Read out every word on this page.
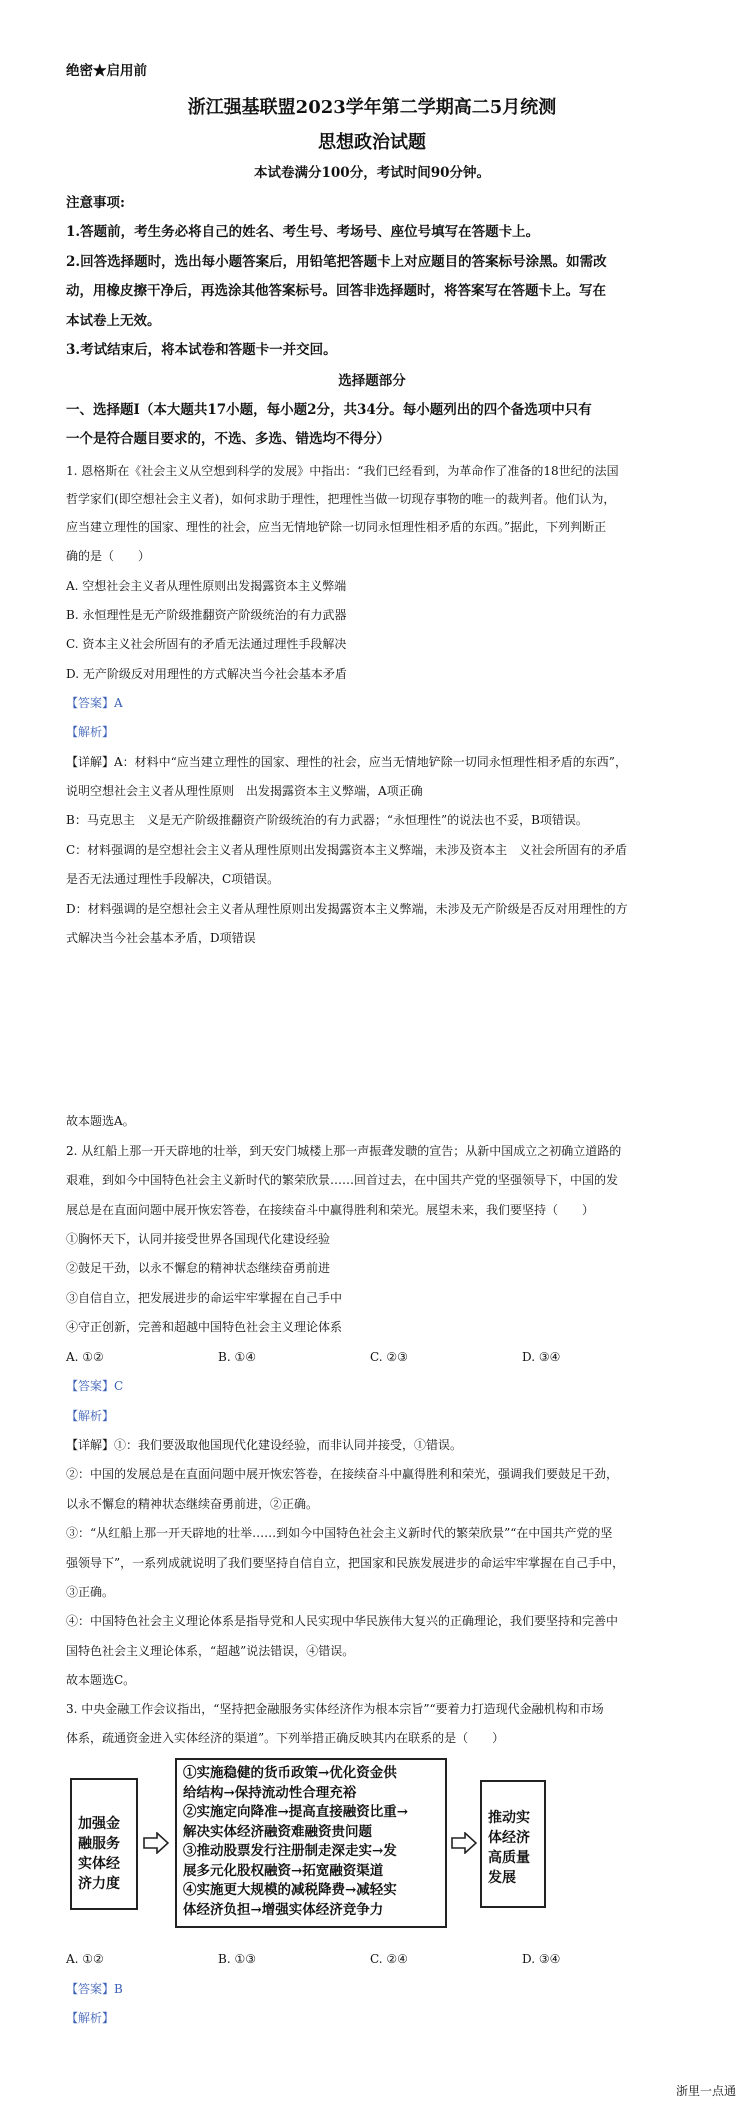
绝密★启用前
浙江强基联盟2023学年第二学期高二5月统测
思想政治试题
本试卷满分100分，考试时间90分钟。
注意事项:
1.答题前，考生务必将自己的姓名、考生号、考场号、座位号填写在答题卡上。
2.回答选择题时，选出每小题答案后，用铅笔把答题卡上对应题目的答案标号涂黑。如需改
动，用橡皮擦干净后，再选涂其他答案标号。回答非选择题时，将答案写在答题卡上。写在
本试卷上无效。
3.考试结束后，将本试卷和答题卡一并交回。
选择题部分
一、选择题Ⅰ（本大题共17小题，每小题2分，共34分。每小题列出的四个备选项中只有
一个是符合题目要求的，不选、多选、错选均不得分）
1. 恩格斯在《社会主义从空想到科学的发展》中指出：“我们已经看到，为革命作了准备的18世纪的法国
哲学家们(即空想社会主义者)，如何求助于理性，把理性当做一切现存事物的唯一的裁判者。他们认为，
应当建立理性的国家、理性的社会，应当无情地铲除一切同永恒理性相矛盾的东西。”据此，下列判断正
确的是（　　）
A. 空想社会主义者从理性原则出发揭露资本主义弊端
B. 永恒理性是无产阶级推翻资产阶级统治的有力武器
C. 资本主义社会所固有的矛盾无法通过理性手段解决
D. 无产阶级反对用理性的方式解决当今社会基本矛盾
【答案】A
【解析】
【详解】A：材料中“应当建立理性的国家、理性的社会，应当无情地铲除一切同永恒理性相矛盾的东西”，
说明空想社会主义者从理性原则　出发揭露资本主义弊端，A项正确
B：马克思主　义是无产阶级推翻资产阶级统治的有力武器；“永恒理性”的说法也不妥，B项错误。
C：材料强调的是空想社会主义者从理性原则出发揭露资本主义弊端，未涉及资本主　义社会所固有的矛盾
是否无法通过理性手段解决，C项错误。
D：材料强调的是空想社会主义者从理性原则出发揭露资本主义弊端，未涉及无产阶级是否反对用理性的方
式解决当今社会基本矛盾，D项错误
故本题选A。
2. 从红船上那一开天辟地的壮举，到天安门城楼上那一声振聋发聩的宣告；从新中国成立之初确立道路的
艰难，到如今中国特色社会主义新时代的繁荣欣景……回首过去，在中国共产党的坚强领导下，中国的发
展总是在直面问题中展开恢宏答卷，在接续奋斗中赢得胜利和荣光。展望未来，我们要坚持（　　）
①胸怀天下，认同并接受世界各国现代化建设经验
②鼓足干劲，以永不懈怠的精神状态继续奋勇前进
③自信自立，把发展进步的命运牢牢掌握在自己手中
④守正创新，完善和超越中国特色社会主义理论体系
A. ①②	B. ①④	C. ②③	D. ③④
【答案】C
【解析】
【详解】①：我们要汲取他国现代化建设经验，而非认同并接受，①错误。
②：中国的发展总是在直面问题中展开恢宏答卷，在接续奋斗中赢得胜利和荣光，强调我们要鼓足干劲，
以永不懈怠的精神状态继续奋勇前进，②正确。
③：“从红船上那一开天辟地的壮举……到如今中国特色社会主义新时代的繁荣欣景”“在中国共产党的坚
强领导下”，一系列成就说明了我们要坚持自信自立，把国家和民族发展进步的命运牢牢掌握在自己手中，
③正确。
④：中国特色社会主义理论体系是指导党和人民实现中华民族伟大复兴的正确理论，我们要坚持和完善中
国特色社会主义理论体系，“超越”说法错误，④错误。
故本题选C。
3. 中央金融工作会议指出，“坚持把金融服务实体经济作为根本宗旨”“要着力打造现代金融机构和市场
体系，疏通资金进入实体经济的渠道”。下列举措正确反映其内在联系的是（　　）
加强金融服务实体经济力度
①实施稳健的货币政策→优化资金供
给结构→保持流动性合理充裕
②实施定向降准→提高直接融资比重→
解决实体经济融资难融资贵问题
③推动股票发行注册制走深走实→发
展多元化股权融资→拓宽融资渠道
④实施更大规模的减税降费→减轻实
体经济负担→增强实体经济竞争力
推动实体经济高质量发展
A. ①②	B. ①③	C. ②④	D. ③④
【答案】B
【解析】
浙里一点通
